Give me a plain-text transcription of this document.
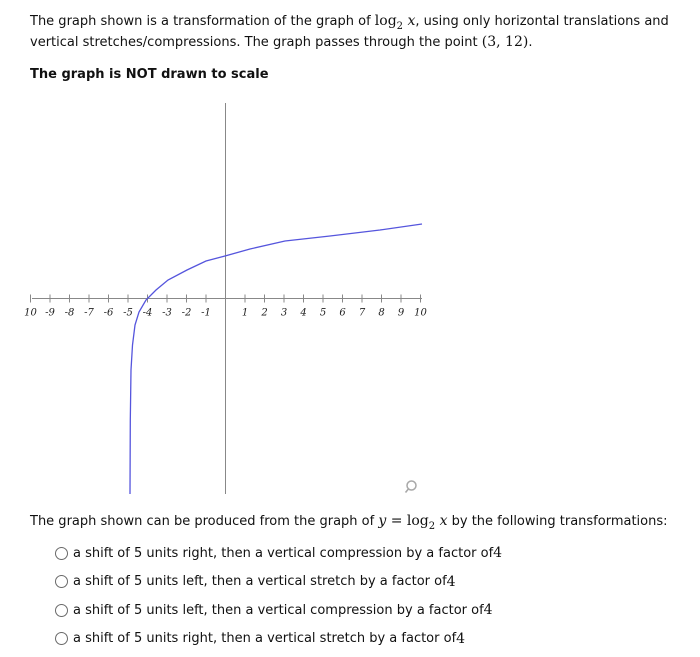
The graph shown is a transformation of the graph of $\log_2 x$, using only horizontal translations and vertical stretches/compressions. The graph passes through the point (3, 12).

The graph is NOT drawn to scale

10 -9 -8 -7 -6 -5 -4 -3 -2 -1	1 2 3 4 5 6 7 8 9 10

The graph shown can be produced from the graph of $y = \log_2 x$ by the following transformations:

a shift of 5 units right, then a vertical compression by a factor of 4
a shift of 5 units left, then a vertical stretch by a factor of 4
a shift of 5 units left, then a vertical compression by a factor of 4
a shift of 5 units right, then a vertical stretch by a factor of 4
